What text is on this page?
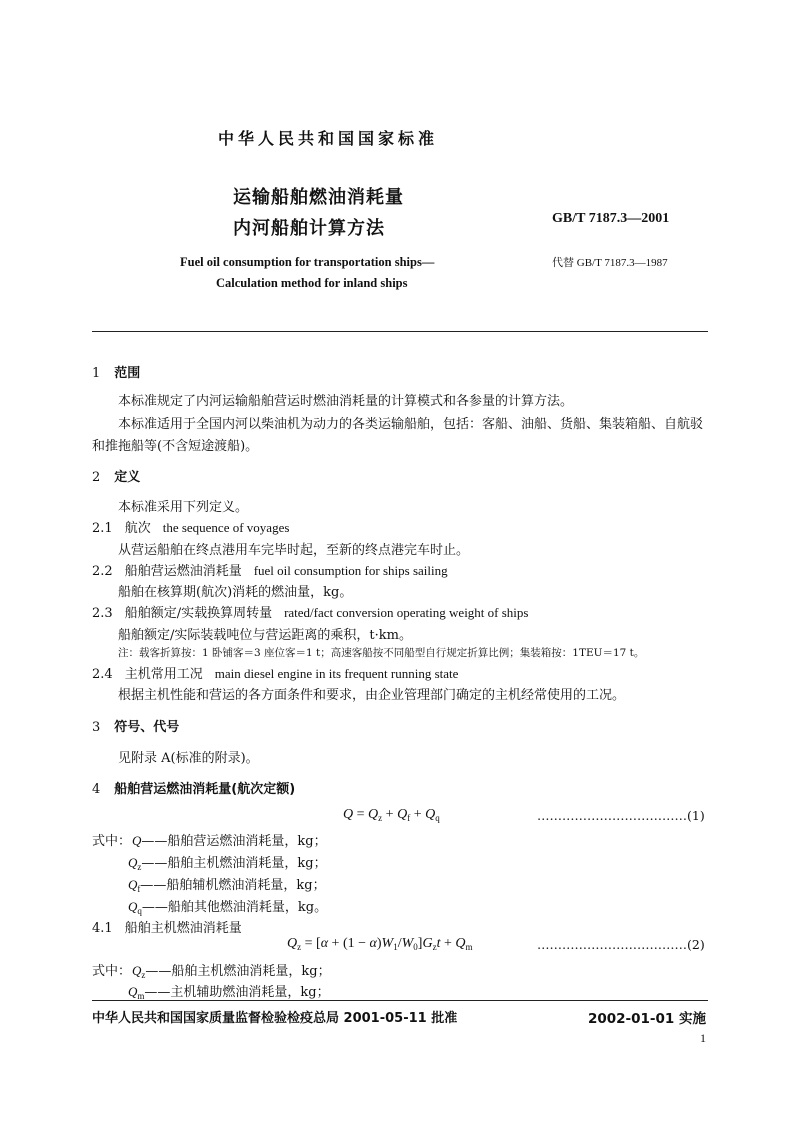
中华人民共和国国家标准
运输船舶燃油消耗量
内河船舶计算方法	GB/T 7187.3—2001
Fuel oil consumption for transportation ships—
Calculation method for inland ships
代替 GB/T 7187.3—1987
1 范围
本标准规定了内河运输船舶营运时燃油消耗量的计算模式和各参量的计算方法。
本标准适用于全国内河以柴油机为动力的各类运输船舶，包括：客船、油船、货船、集装箱船、自航驳
和推拖船等(不含短途渡船)。
2 定义
本标准采用下列定义。
2.1 航次 the sequence of voyages
从营运船舶在终点港用车完毕时起，至新的终点港完车时止。
2.2 船舶营运燃油消耗量 fuel oil consumption for ships sailing
船舶在核算期(航次)消耗的燃油量，kg。
2.3 船舶额定/实载换算周转量 rated/fact conversion operating weight of ships
船舶额定/实际装载吨位与营运距离的乘积，t·km。
注：载客折算按：1 卧铺客＝3 座位客＝1 t；高速客船按不同船型自行规定折算比例；集装箱按：1TEU＝17 t。
2.4 主机常用工况 main diesel engine in its frequent running state
根据主机性能和营运的各方面条件和要求，由企业管理部门确定的主机经常使用的工况。
3 符号、代号
见附录 A(标准的附录)。
4 船舶营运燃油消耗量(航次定额)
$Q = Q_z + Q_f + Q_q$	………………………………(1)
式中： Q——船舶营运燃油消耗量，kg；
$Q_z——$船舶主机燃油消耗量，kg；
$Q_f——$船舶辅机燃油消耗量，kg；
$Q_q——$船舶其他燃油消耗量，kg。
4.1 船舶主机燃油消耗量
$Q_z = [\alpha + (1 - \alpha)W_1/W_0]G_zt + Q_m$	………………………………(2)
式中： $Q_z——$船舶主机燃油消耗量，kg；
$Q_m——$主机辅助燃油消耗量，kg；
中华人民共和国国家质量监督检验检疫总局 2001-05-11 批准	2002-01-01 实施
1
